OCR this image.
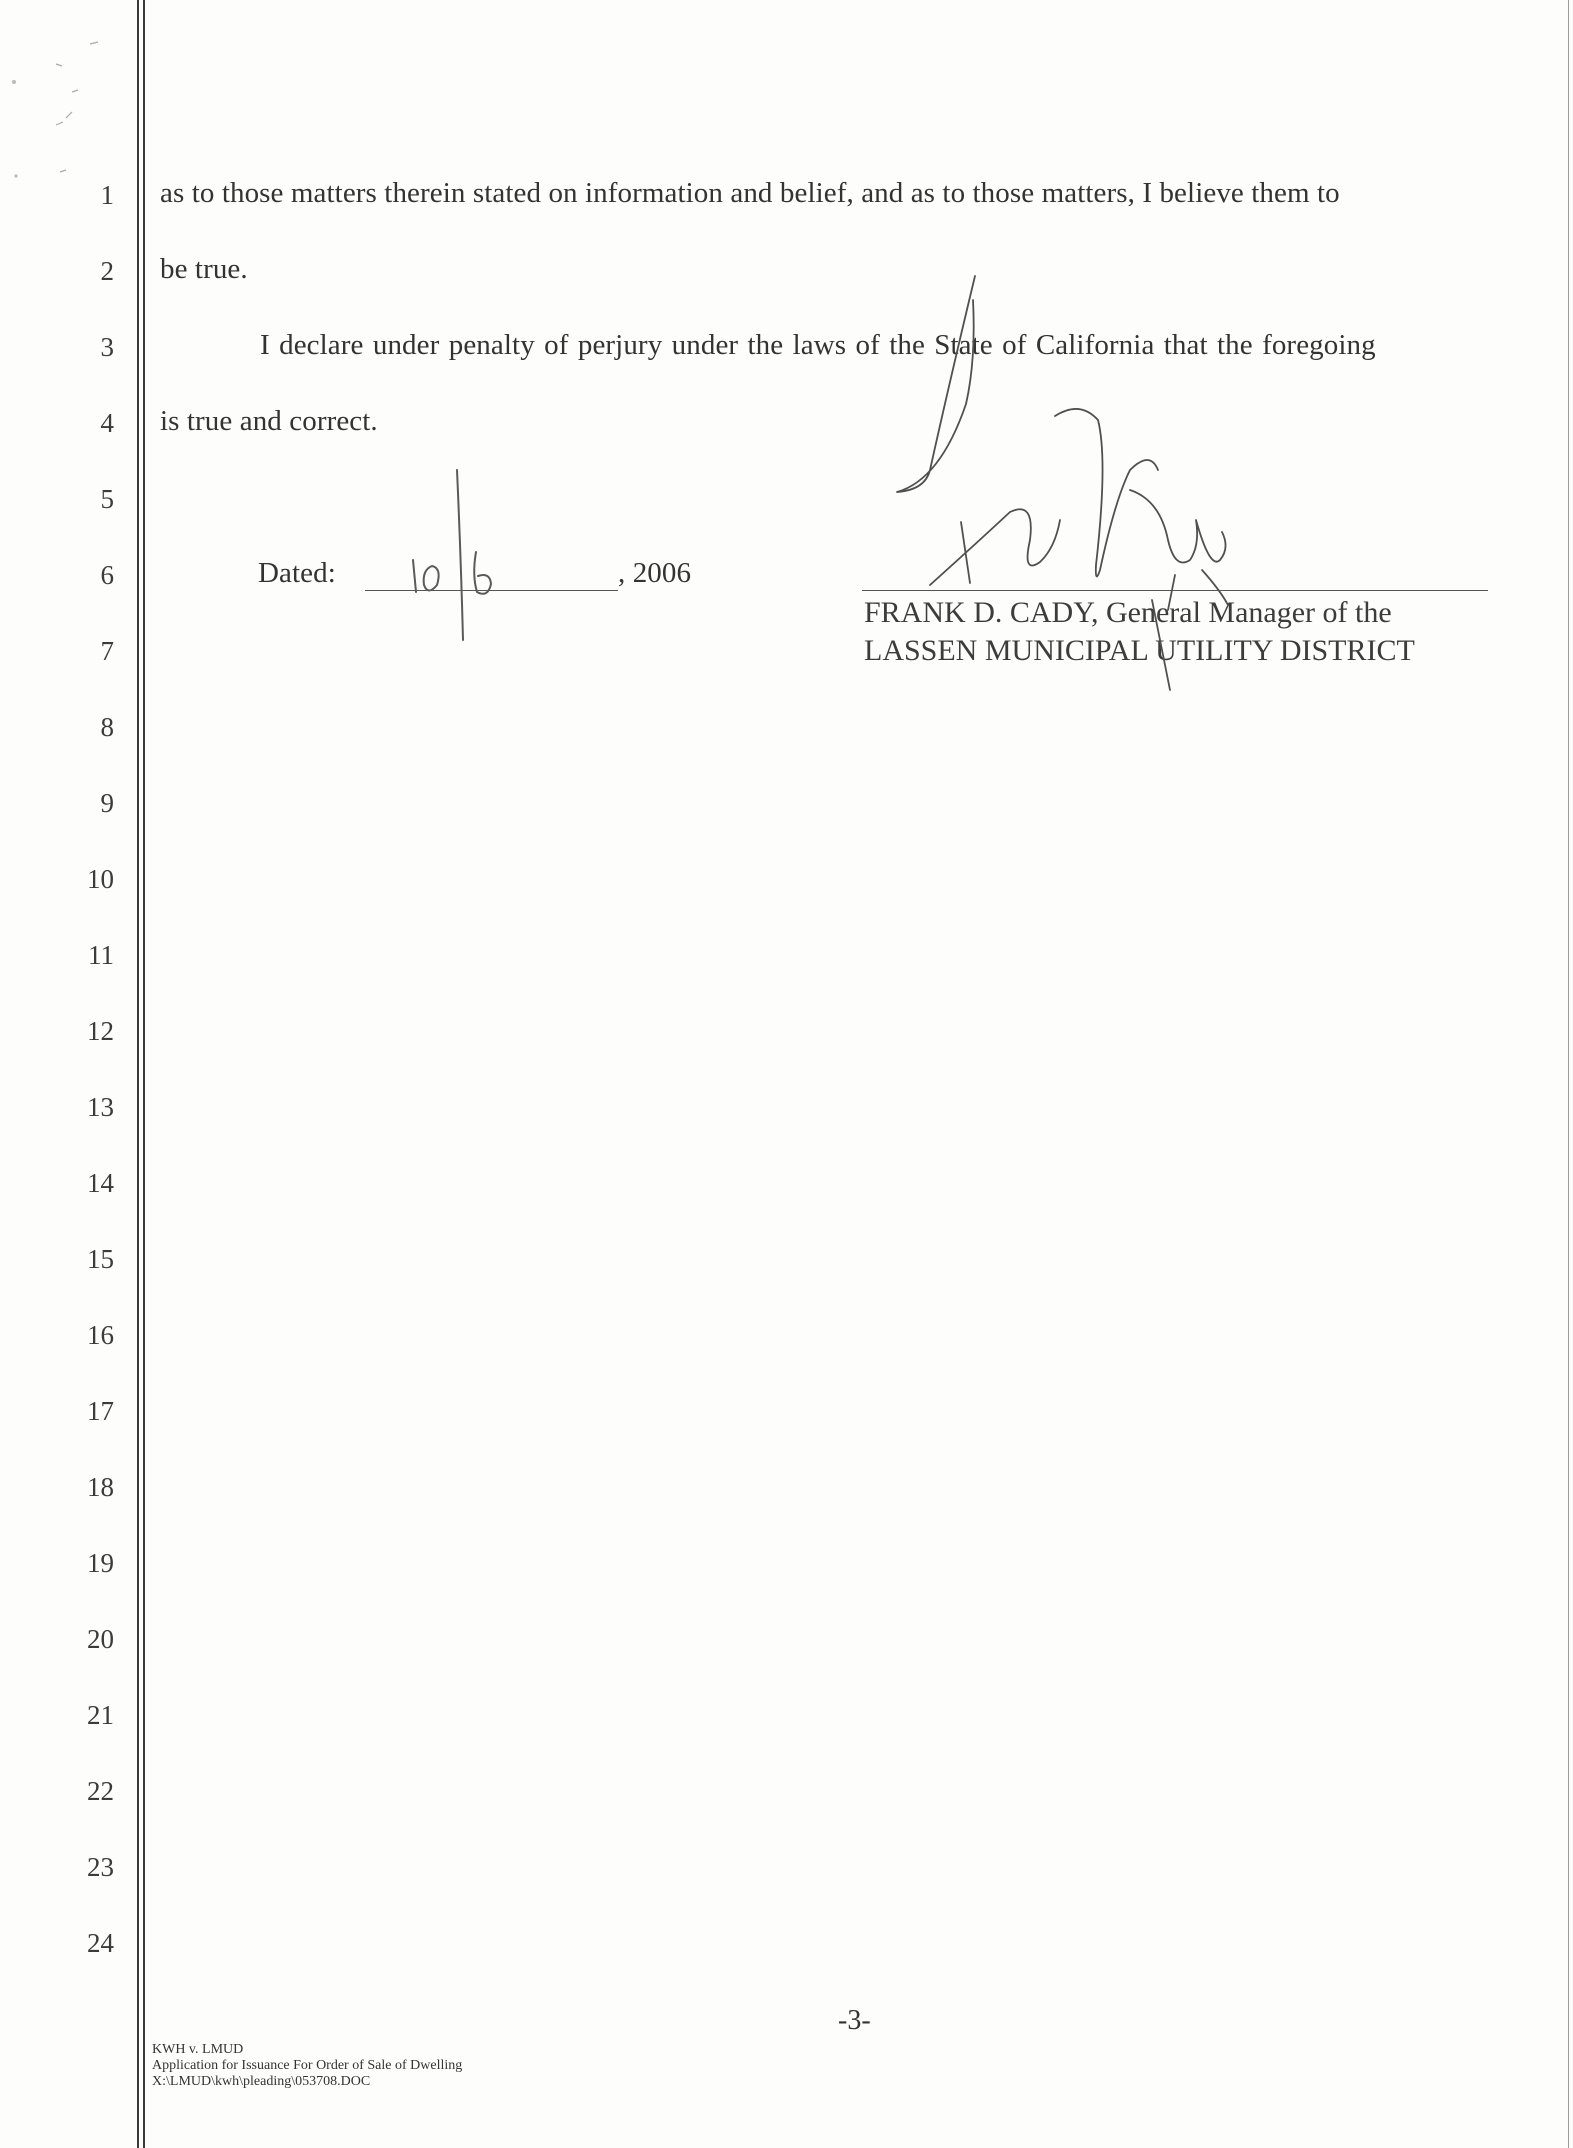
1
2
3
4
5
6
7
8
9
10
11
12
13
14
15
16
17
18
19
20
21
22
23
24
as to those matters therein stated on information and belief, and as to those matters, I believe them to
be true.
I declare under penalty of perjury under the laws of the State of California that the foregoing
is true and correct.
Dated:	, 2006
FRANK D. CADY, General Manager of the
LASSEN MUNICIPAL UTILITY DISTRICT
-3-
KWH v. LMUD
Application for Issuance For Order of Sale of Dwelling
X:\LMUD\kwh\pleading\053708.DOC
